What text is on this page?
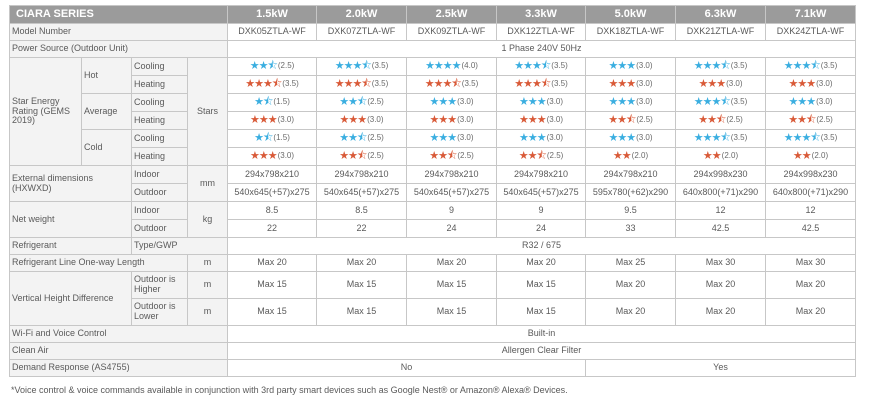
CIARA SERIES				1.5kW	2.0kW	2.5kW	3.3kW	5.0kW	6.3kW	7.1kW
Model Number				DXK05ZTLA-WF	DXK07ZTLA-WF	DXK09ZTLA-WF	DXK12ZTLA-WF	DXK18ZTLA-WF	DXK21ZTLA-WF	DXK24ZTLA-WF
Power Source (Outdoor Unit)				1 Phase 240V 50Hz						
Star Energy Rating (GEMS 2019)	Hot	Cooling	Stars	★★⯪(2.5)	★★★⯪(3.5)	★★★★(4.0)	★★★⯪(3.5)	★★★(3.0)	★★★⯪(3.5)	★★★⯪(3.5)
		Heating		★★★⯪(3.5)	★★★⯪(3.5)	★★★⯪(3.5)	★★★⯪(3.5)	★★★(3.0)	★★★(3.0)	★★★(3.0)
	Average	Cooling		★⯪(1.5)	★★⯪(2.5)	★★★(3.0)	★★★(3.0)	★★★(3.0)	★★★⯪(3.5)	★★★(3.0)
		Heating		★★★(3.0)	★★★(3.0)	★★★(3.0)	★★★(3.0)	★★⯪(2.5)	★★⯪(2.5)	★★⯪(2.5)
	Cold	Cooling		★⯪(1.5)	★★⯪(2.5)	★★★(3.0)	★★★(3.0)	★★★(3.0)	★★★⯪(3.5)	★★★⯪(3.5)
		Heating		★★★(3.0)	★★⯪(2.5)	★★⯪(2.5)	★★⯪(2.5)	★★(2.0)	★★(2.0)	★★(2.0)
External dimensions (HXWXD)		Indoor	mm	294x798x210	294x798x210	294x798x210	294x798x210	294x798x210	294x998x230	294x998x230
		Outdoor		540x645(+57)x275	540x645(+57)x275	540x645(+57)x275	540x645(+57)x275	595x780(+62)x290	640x800(+71)x290	640x800(+71)x290
Net weight		Indoor	kg	8.5	8.5	9	9	9.5	12	12
		Outdoor		22	22	24	24	33	42.5	42.5
Refrigerant		Type/GWP		R32 / 675						
Refrigerant Line One-way Length			m	Max 20	Max 20	Max 20	Max 20	Max 25	Max 30	Max 30
Vertical Height Difference		Outdoor is Higher	m	Max 15	Max 15	Max 15	Max 15	Max 20	Max 20	Max 20
		Outdoor is Lower	m	Max 15	Max 15	Max 15	Max 15	Max 20	Max 20	Max 20
Wi-Fi and Voice Control				Built-in						
Clean Air				Allergen Clear Filter						
Demand Response (AS4755)				No				Yes		
*Voice control & voice commands available in conjunction with 3rd party smart devices such as Google Nest® or Amazon® Alexa® Devices.
